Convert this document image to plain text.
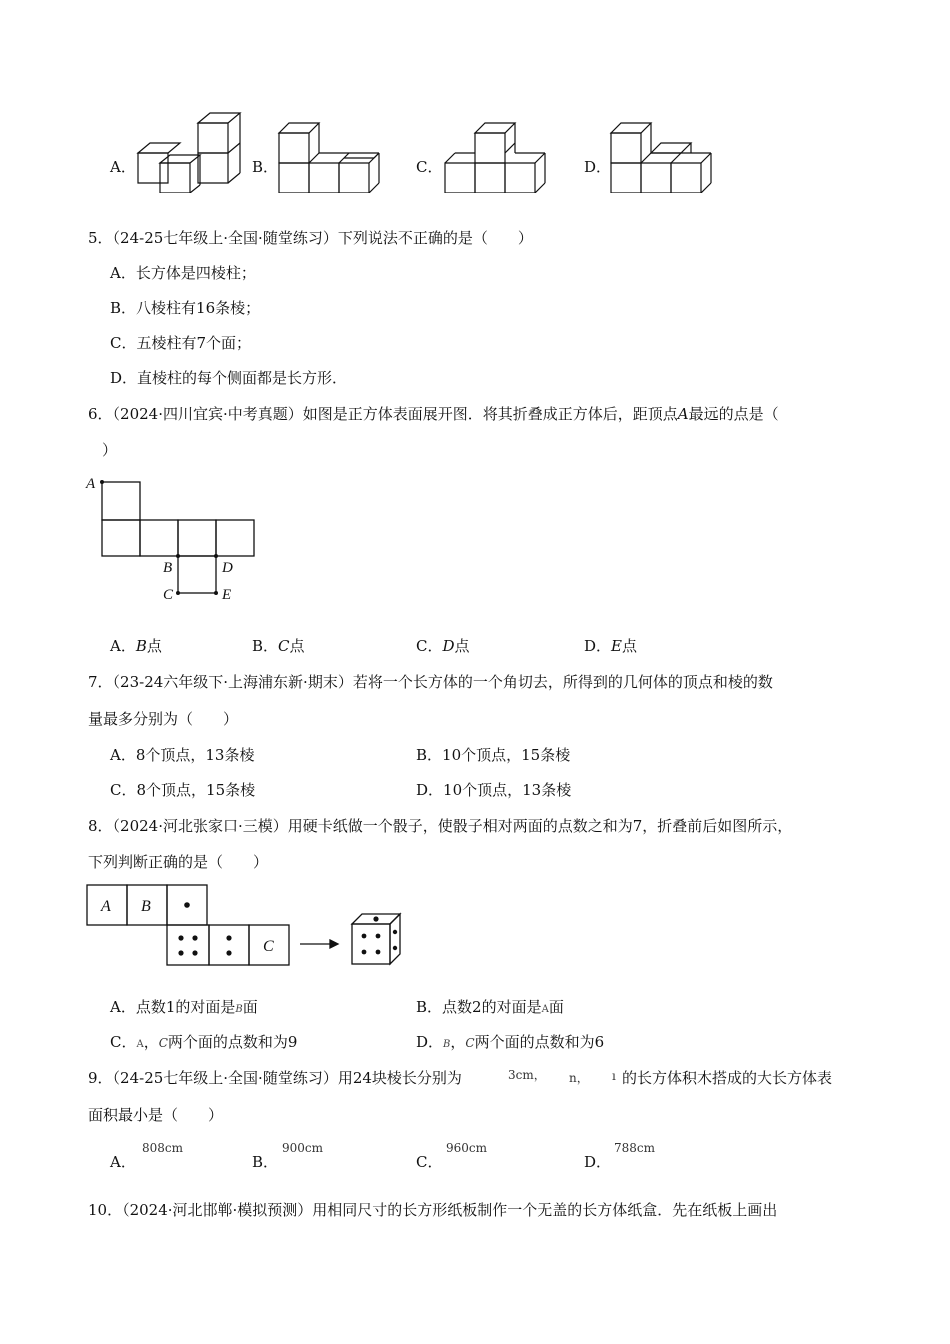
A．	B．	C．	D．
5．（24-25七年级上·全国·随堂练习）下列说法不正确的是（　　）
A．长方体是四棱柱；
B．八棱柱有16条棱；
C．五棱柱有7个面；
D．直棱柱的每个侧面都是长方形．
6．（2024·四川宜宾·中考真题）如图是正方体表面展开图．将其折叠成正方体后，距顶点A最远的点是（
）
A
B	D
C	E
A．B点	B．C点	C．D点	D．E点
7．（23-24六年级下·上海浦东新·期末）若将一个长方体的一个角切去，所得到的几何体的顶点和棱的数
量最多分别为（　　）
A．8个顶点，13条棱	B．10个顶点，15条棱
C．8个顶点，15条棱	D．10个顶点，13条棱
8．（2024·河北张家口·三模）用硬卡纸做一个骰子，使骰子相对两面的点数之和为7，折叠前后如图所示，
下列判断正确的是（　　）
A B
C
A．点数1的对面是B面	B．点数2的对面是A面
C．A，C两个面的点数和为9	D．B，C两个面的点数和为6
9．（24-25七年级上·全国·随堂练习）用24块棱长分别为	3cm， n， ı 的长方体积木搭成的大长方体表
面积最小是（　　）
A．
808cm
B．
900cm
C．
960cm
D．
788cm
10．（2024·河北邯郸·模拟预测）用相同尺寸的长方形纸板制作一个无盖的长方体纸盒．先在纸板上画出
